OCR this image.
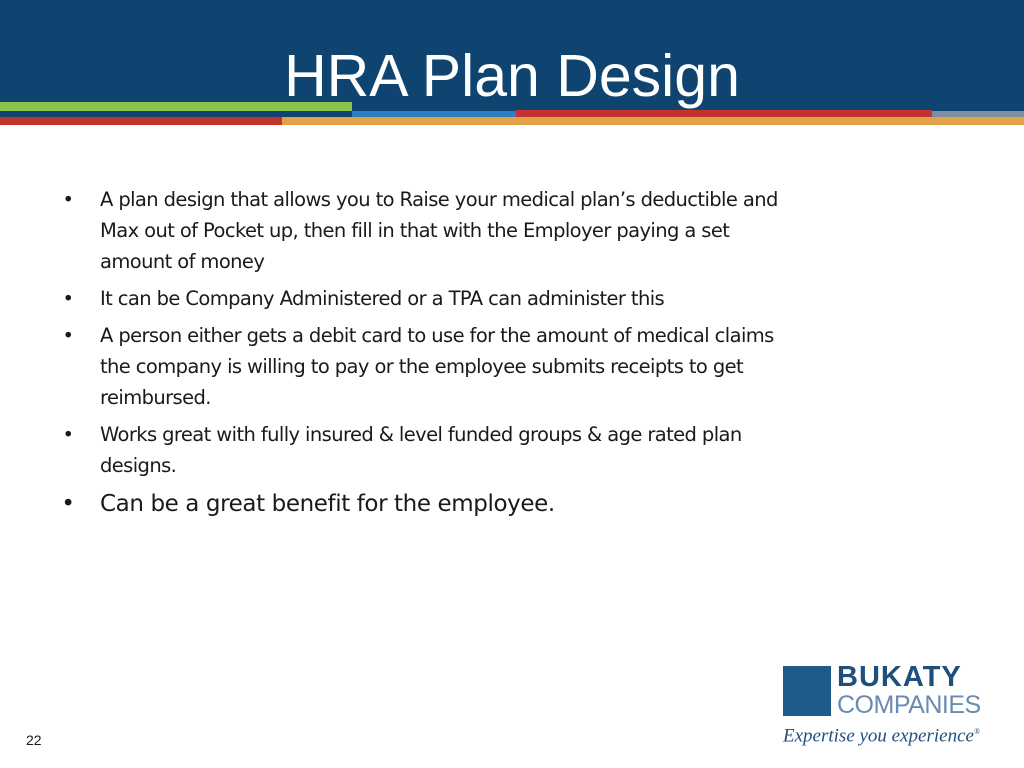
HRA Plan Design
• A plan design that allows you to Raise your medical plan’s deductible and Max out of Pocket up, then fill in that with the Employer paying a set amount of money
• It can be Company Administered or a TPA can administer this
• A person either gets a debit card to use for the amount of medical claims the company is willing to pay or the employee submits receipts to get reimbursed.
• Works great with fully insured & level funded groups & age rated plan designs.
• Can be a great benefit for the employee.
BUKATY
COMPANIES
Expertise you experience®
22
